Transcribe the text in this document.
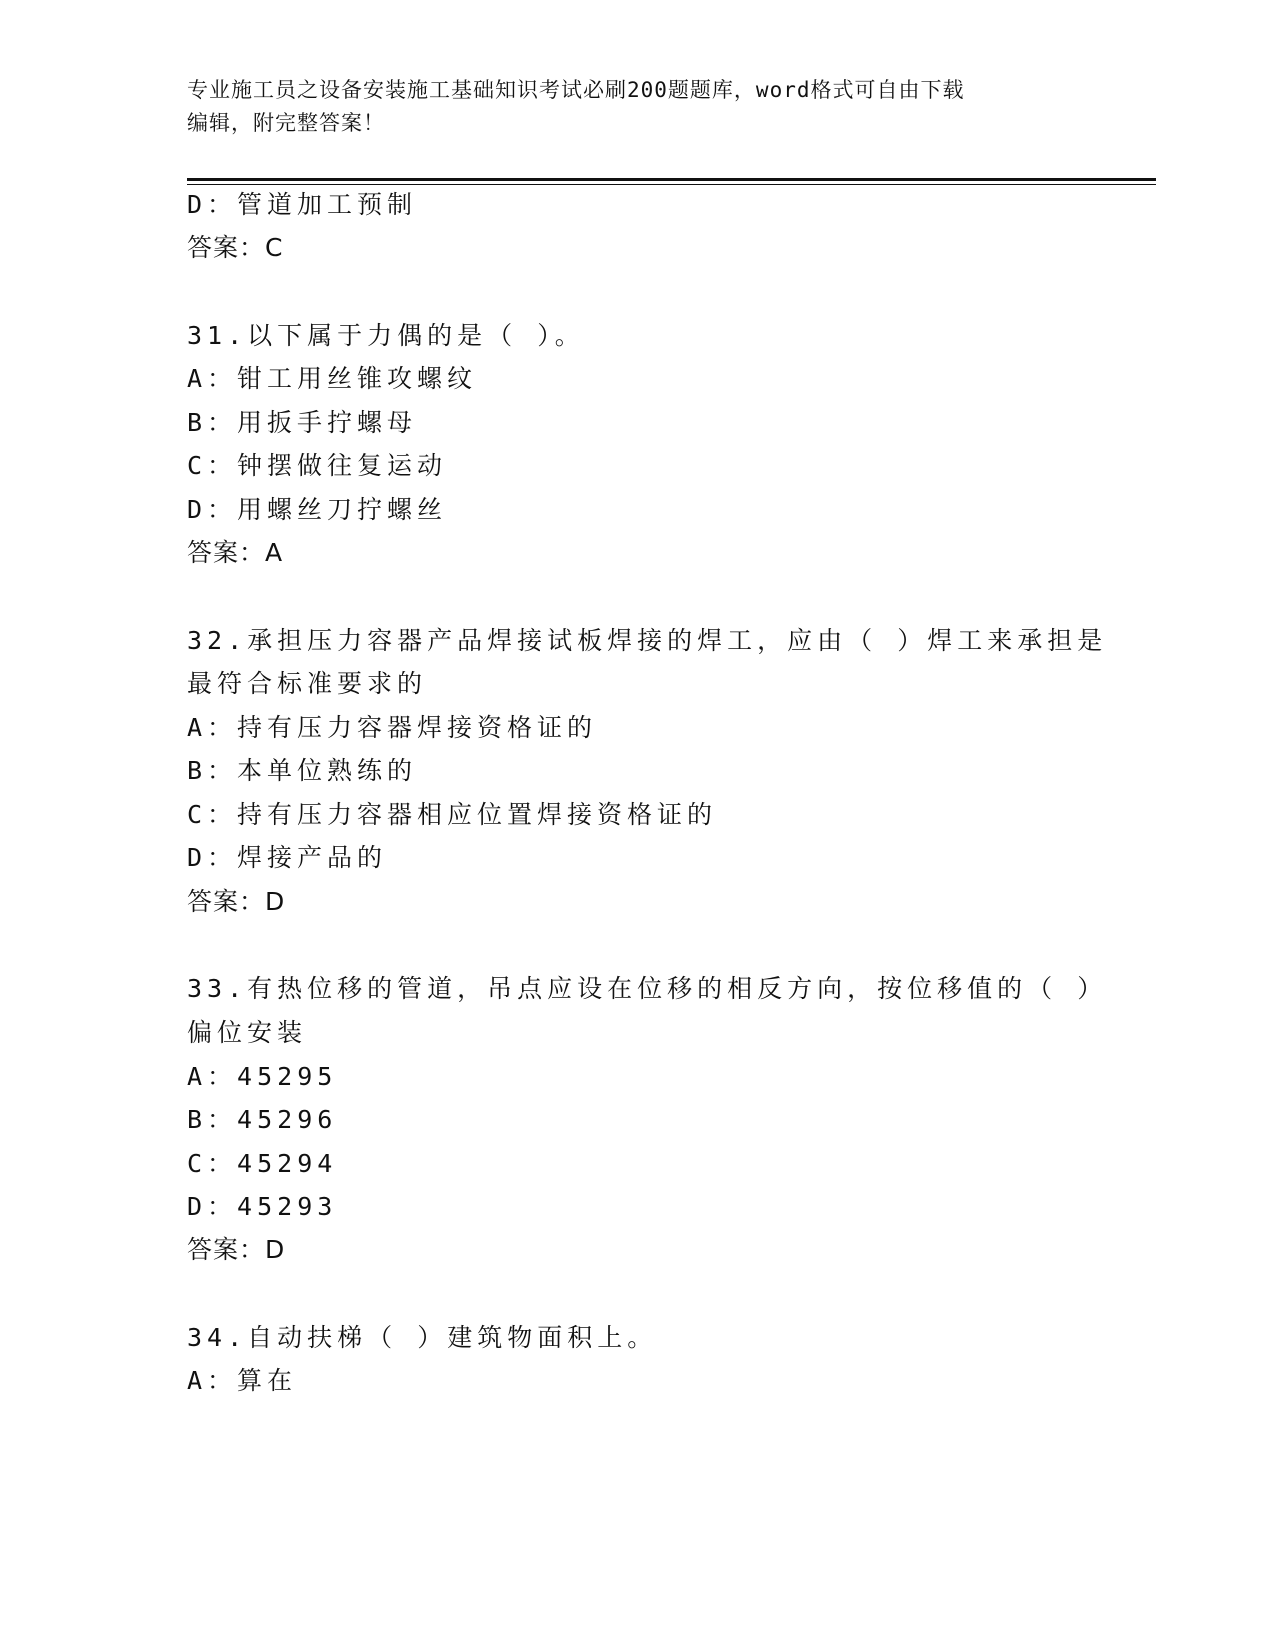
专业施工员之设备安装施工基础知识考试必刷200题题库，word格式可自由下载
编辑，附完整答案！
D：管道加工预制
答案：C
31.以下属于力偶的是（ ）。
A：钳工用丝锥攻螺纹
B：用扳手拧螺母
C：钟摆做往复运动
D：用螺丝刀拧螺丝
答案：A
32.承担压力容器产品焊接试板焊接的焊工，应由（ ）焊工来承担是
最符合标准要求的
A：持有压力容器焊接资格证的
B：本单位熟练的
C：持有压力容器相应位置焊接资格证的
D：焊接产品的
答案：D
33.有热位移的管道，吊点应设在位移的相反方向，按位移值的（ ）
偏位安装
A：45295
B：45296
C：45294
D：45293
答案：D
34.自动扶梯（ ）建筑物面积上。
A：算在
